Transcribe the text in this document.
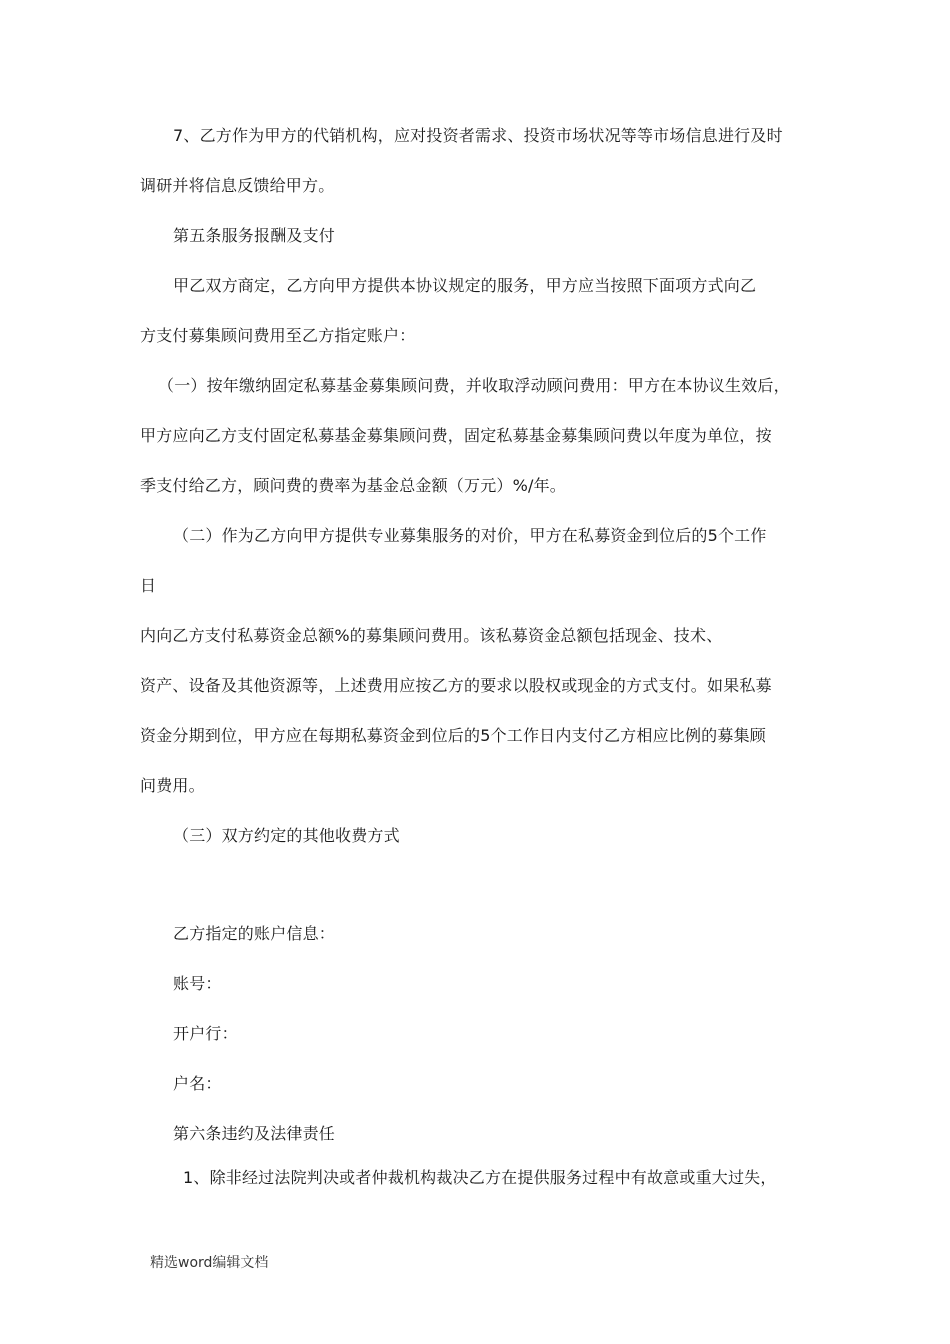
7、乙方作为甲方的代销机构，应对投资者需求、投资市场状况等等市场信息进行及时
调研并将信息反馈给甲方。
第五条服务报酬及支付
甲乙双方商定，乙方向甲方提供本协议规定的服务，甲方应当按照下面项方式向乙
方支付募集顾问费用至乙方指定账户：
（一）按年缴纳固定私募基金募集顾问费，并收取浮动顾问费用：甲方在本协议生效后，
甲方应向乙方支付固定私募基金募集顾问费，固定私募基金募集顾问费以年度为单位，按
季支付给乙方，顾问费的费率为基金总金额（万元）%/年。
（二）作为乙方向甲方提供专业募集服务的对价，甲方在私募资金到位后的5个工作
日
内向乙方支付私募资金总额%的募集顾问费用。该私募资金总额包括现金、技术、
资产、设备及其他资源等，上述费用应按乙方的要求以股权或现金的方式支付。如果私募
资金分期到位，甲方应在每期私募资金到位后的5个工作日内支付乙方相应比例的募集顾
问费用。
（三）双方约定的其他收费方式
乙方指定的账户信息：
账号：
开户行：
户名：
第六条违约及法律责任
1、除非经过法院判决或者仲裁机构裁决乙方在提供服务过程中有故意或重大过失，
精选word编辑文档
